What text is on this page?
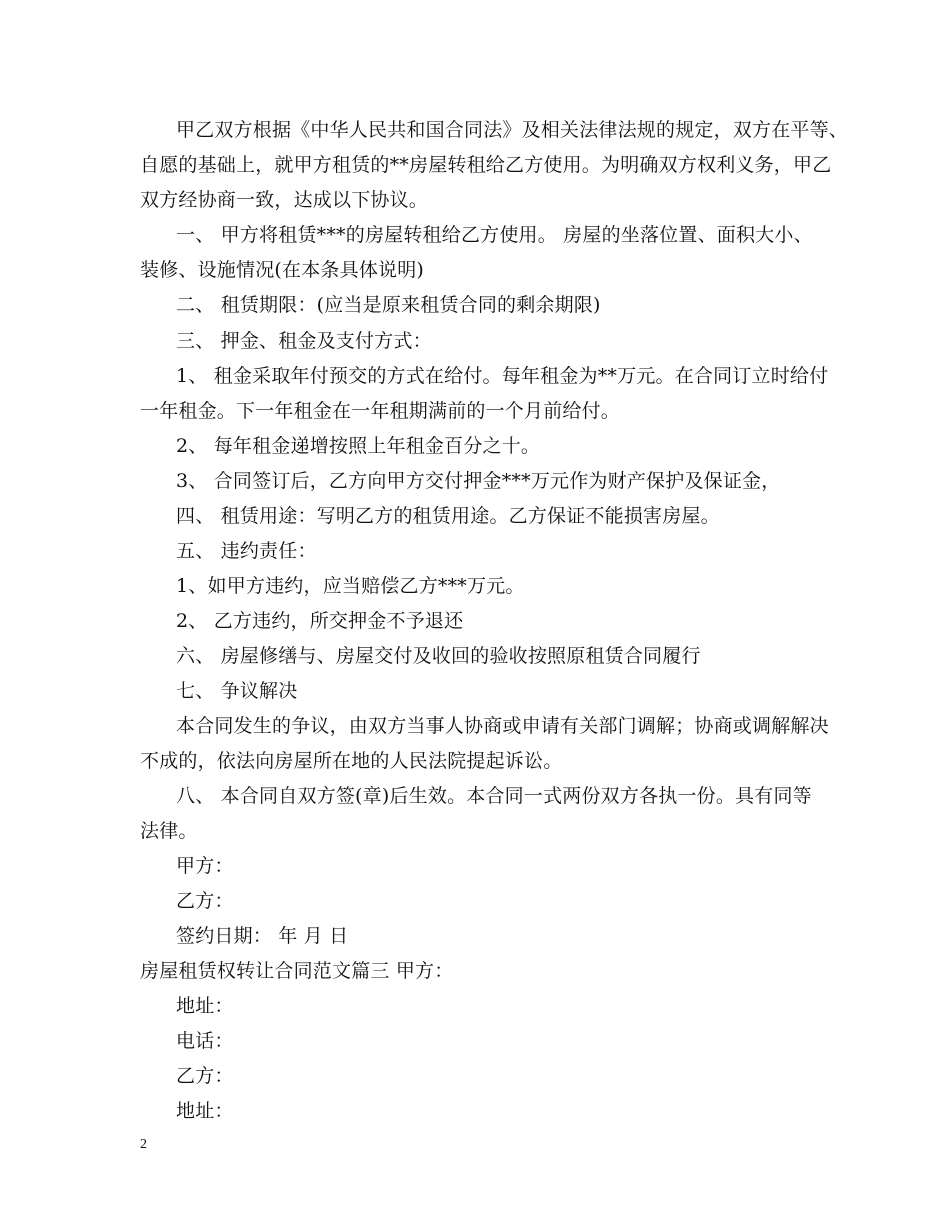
甲乙双方根据《中华人民共和国合同法》及相关法律法规的规定，双方在平等、
自愿的基础上，就甲方租赁的**房屋转租给乙方使用。为明确双方权利义务，甲乙
双方经协商一致，达成以下协议。
一、 甲方将租赁***的房屋转租给乙方使用。 房屋的坐落位置、面积大小、
装修、设施情况(在本条具体说明)
二、 租赁期限：(应当是原来租赁合同的剩余期限)
三、 押金、租金及支付方式：
1、 租金采取年付预交的方式在给付。每年租金为**万元。在合同订立时给付
一年租金。下一年租金在一年租期满前的一个月前给付。
2、 每年租金递增按照上年租金百分之十。
3、 合同签订后，乙方向甲方交付押金***万元作为财产保护及保证金，
四、 租赁用途：写明乙方的租赁用途。乙方保证不能损害房屋。
五、 违约责任：
1、如甲方违约，应当赔偿乙方***万元。
2、 乙方违约，所交押金不予退还
六、 房屋修缮与、房屋交付及收回的验收按照原租赁合同履行
七、 争议解决
本合同发生的争议，由双方当事人协商或申请有关部门调解；协商或调解解决
不成的，依法向房屋所在地的人民法院提起诉讼。
八、 本合同自双方签(章)后生效。本合同一式两份双方各执一份。具有同等
法律。
甲方：
乙方：
签约日期： 年 月 日
房屋租赁权转让合同范文篇三 甲方：
地址：
电话：
乙方：
地址：
2
